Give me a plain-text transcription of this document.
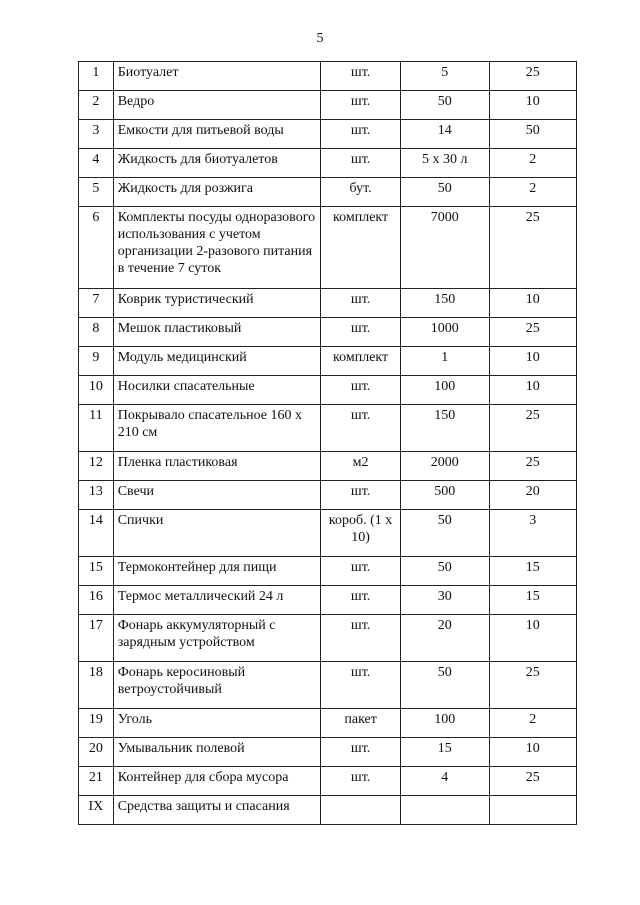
5
1	Биотуалет	шт.	5	25
2	Ведро	шт.	50	10
3	Емкости для питьевой воды	шт.	14	50
4	Жидкость для биотуалетов	шт.	5 х 30 л	2
5	Жидкость для розжига	бут.	50	2
6	Комплекты посуды одноразового использования с учетом организации 2-разового питания в течение 7 суток	комплект	7000	25
7	Коврик туристический	шт.	150	10
8	Мешок пластиковый	шт.	1000	25
9	Модуль медицинский	комплект	1	10
10	Носилки спасательные	шт.	100	10
11	Покрывало спасательное 160 х 210 см	шт.	150	25
12	Пленка пластиковая	м2	2000	25
13	Свечи	шт.	500	20
14	Спички	короб. (1 х 10)	50	3
15	Термоконтейнер для пищи	шт.	50	15
16	Термос металлический 24 л	шт.	30	15
17	Фонарь аккумуляторный с зарядным устройством	шт.	20	10
18	Фонарь керосиновый ветроустойчивый	шт.	50	25
19	Уголь	пакет	100	2
20	Умывальник полевой	шт.	15	10
21	Контейнер для сбора мусора	шт.	4	25
IX	Средства защиты и спасания			
